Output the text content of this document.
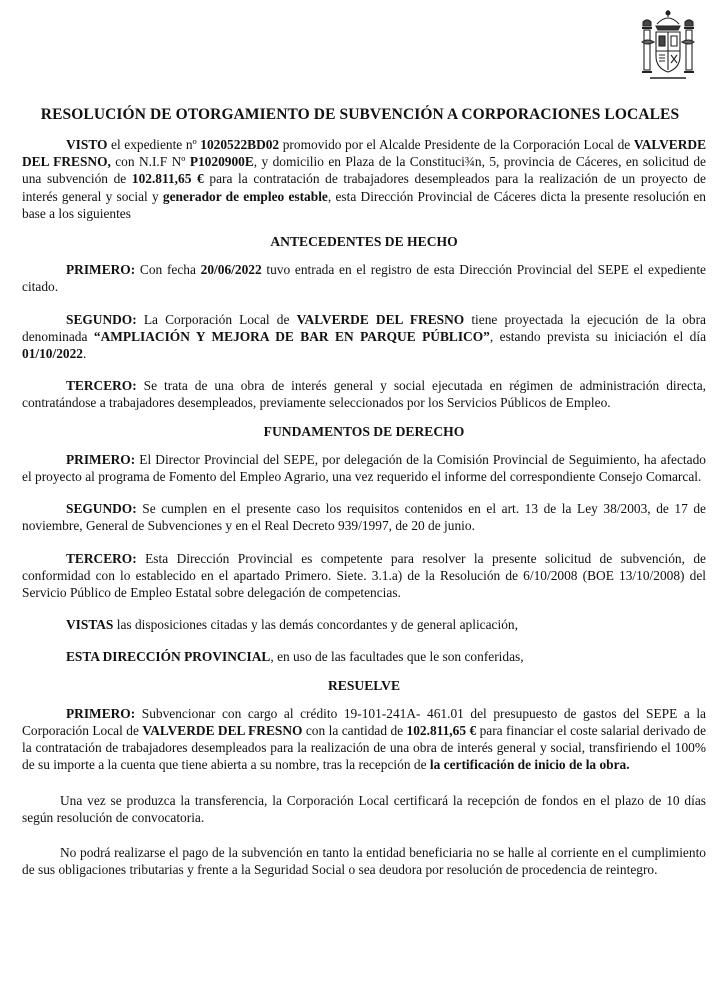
RESOLUCIÓN DE OTORGAMIENTO DE SUBVENCIÓN A CORPORACIONES LOCALES

VISTO el expediente nº 1020522BD02 promovido por el Alcalde Presidente de la Corporación Local de VALVERDE DEL FRESNO, con N.I.F Nº P1020900E, y domicilio en Plaza de la Constituci¾n, 5, provincia de Cáceres, en solicitud de una subvención de 102.811,65 € para la contratación de trabajadores desempleados para la realización de un proyecto de interés general y social y generador de empleo estable, esta Dirección Provincial de Cáceres dicta la presente resolución en base a los siguientes

ANTECEDENTES DE HECHO

PRIMERO: Con fecha 20/06/2022 tuvo entrada en el registro de esta Dirección Provincial del SEPE el expediente citado.

SEGUNDO: La Corporación Local de VALVERDE DEL FRESNO tiene proyectada la ejecución de la obra denominada “AMPLIACIÓN Y MEJORA DE BAR EN PARQUE PÚBLICO”, estando prevista su iniciación el día 01/10/2022.

TERCERO: Se trata de una obra de interés general y social ejecutada en régimen de administración directa, contratándose a trabajadores desempleados, previamente seleccionados por los Servicios Públicos de Empleo.

FUNDAMENTOS DE DERECHO

PRIMERO: El Director Provincial del SEPE, por delegación de la Comisión Provincial de Seguimiento, ha afectado el proyecto al programa de Fomento del Empleo Agrario, una vez requerido el informe del correspondiente Consejo Comarcal.

SEGUNDO: Se cumplen en el presente caso los requisitos contenidos en el art. 13 de la Ley 38/2003, de 17 de noviembre, General de Subvenciones y en el Real Decreto 939/1997, de 20 de junio.

TERCERO: Esta Dirección Provincial es competente para resolver la presente solicitud de subvención, de conformidad con lo establecido en el apartado Primero. Siete. 3.1.a) de la Resolución de 6/10/2008 (BOE 13/10/2008) del Servicio Público de Empleo Estatal sobre delegación de competencias.

VISTAS las disposiciones citadas y las demás concordantes y de general aplicación,

ESTA DIRECCIÓN PROVINCIAL, en uso de las facultades que le son conferidas,

RESUELVE

PRIMERO: Subvencionar con cargo al crédito 19-101-241A- 461.01 del presupuesto de gastos del SEPE a la Corporación Local de VALVERDE DEL FRESNO con la cantidad de 102.811,65 € para financiar el coste salarial derivado de la contratación de trabajadores desempleados para la realización de una obra de interés general y social, transfiriendo el 100% de su importe a la cuenta que tiene abierta a su nombre, tras la recepción de la certificación de inicio de la obra.

Una vez se produzca la transferencia, la Corporación Local certificará la recepción de fondos en el plazo de 10 días según resolución de convocatoria.

No podrá realizarse el pago de la subvención en tanto la entidad beneficiaria no se halle al corriente en el cumplimiento de sus obligaciones tributarias y frente a la Seguridad Social o sea deudora por resolución de procedencia de reintegro.
